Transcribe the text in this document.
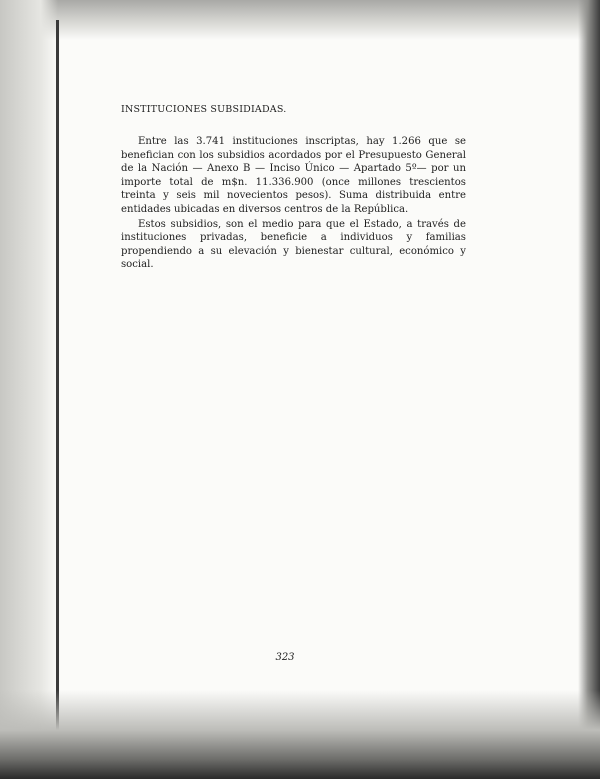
INSTITUCIONES SUBSIDIADAS.

Entre las 3.741 instituciones inscriptas, hay 1.266 que se benefician con los subsidios acordados por el Presupuesto General de la Nación — Anexo B — Inciso Único — Apartado 5º— por un importe total de m$n. 11.336.900 (once millones trescientos treinta y seis mil novecientos pesos). Suma distribuida entre entidades ubicadas en diversos centros de la República.

Estos subsidios, son el medio para que el Estado, a través de instituciones privadas, beneficie a individuos y familias propendiendo a su elevación y bienestar cultural, económico y social.

323
